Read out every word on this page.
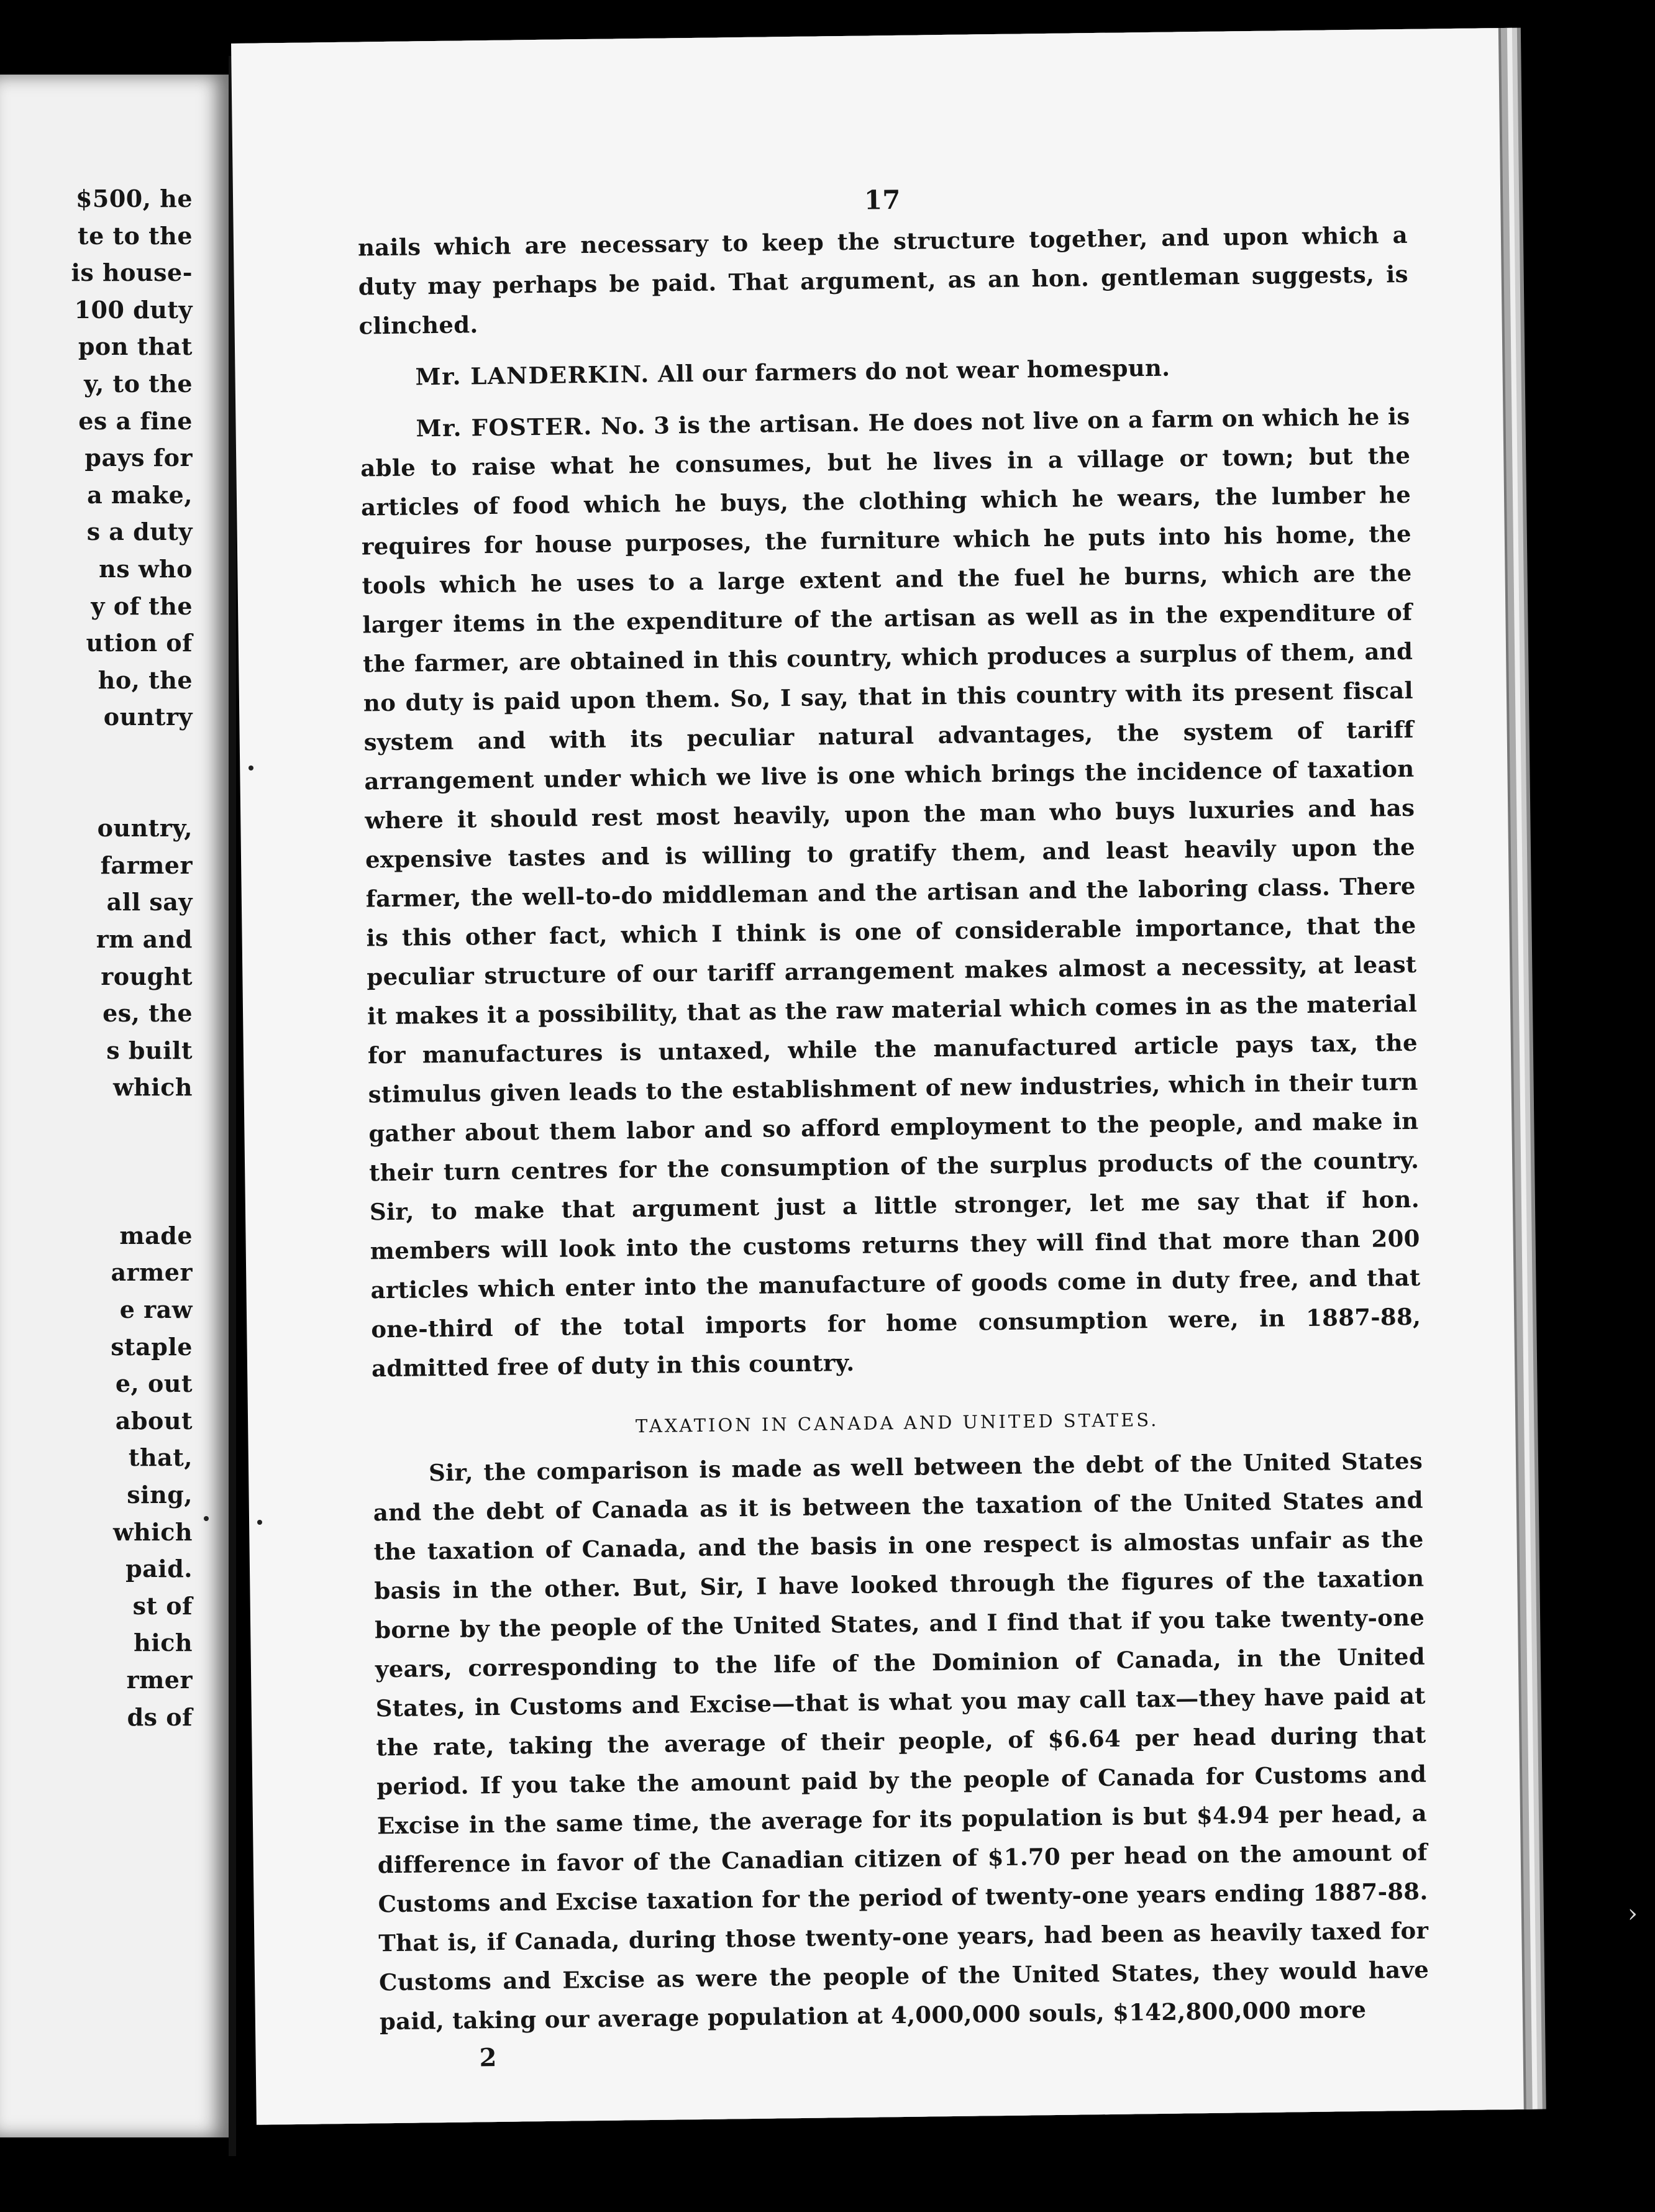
$500, he
te to the
is house-
100 duty
pon that
y, to the
es a fine
pays for
a make,
s a duty
ns who
y of the
ution of
ho, the
ountry
ountry,
farmer
all say
rm and
rought
es, the
s built
which
made
armer
e raw
staple
e, out
about
that,
sing,
which
paid.
st of
hich
rmer
ds of
17

nails which are necessary to keep the structure together, and upon which a duty may perhaps be paid. That argument, as an hon. gentleman suggests, is clinched.

Mr. LANDERKIN. All our farmers do not wear homespun.

Mr. FOSTER. No. 3 is the artisan. He does not live on a farm on which he is able to raise what he consumes, but he lives in a village or town; but the articles of food which he buys, the clothing which he wears, the lumber he requires for house purposes, the furniture which he puts into his home, the tools which he uses to a large extent and the fuel he burns, which are the larger items in the expenditure of the artisan as well as in the expenditure of the farmer, are obtained in this country, which produces a surplus of them, and no duty is paid upon them. So, I say, that in this country with its present fiscal system and with its peculiar natural advantages, the system of tariff arrangement under which we live is one which brings the incidence of taxation where it should rest most heavily, upon the man who buys luxuries and has expensive tastes and is willing to gratify them, and least heavily upon the farmer, the well-to-do middleman and the artisan and the laboring class. There is this other fact, which I think is one of considerable importance, that the peculiar structure of our tariff arrangement makes almost a necessity, at least it makes it a possibility, that as the raw material which comes in as the material for manufactures is untaxed, while the manufactured article pays tax, the stimulus given leads to the establishment of new industries, which in their turn gather about them labor and so afford employment to the people, and make in their turn centres for the consumption of the surplus products of the country. Sir, to make that argument just a little stronger, let me say that if hon. members will look into the customs returns they will find that more than 200 articles which enter into the manufacture of goods come in duty free, and that one-third of the total imports for home consumption were, in 1887-88, admitted free of duty in this country.

TAXATION IN CANADA AND UNITED STATES.

Sir, the comparison is made as well between the debt of the United States and the debt of Canada as it is between the taxation of the United States and the taxation of Canada, and the basis in one respect is almostas unfair as the basis in the other. But, Sir, I have looked through the figures of the taxation borne by the people of the United States, and I find that if you take twenty-one years, corresponding to the life of the Dominion of Canada, in the United States, in Customs and Excise—that is what you may call tax—they have paid at the rate, taking the average of their people, of $6.64 per head during that period. If you take the amount paid by the people of Canada for Customs and Excise in the same time, the average for its population is but $4.94 per head, a difference in favor of the Canadian citizen of $1.70 per head on the amount of Customs and Excise taxation for the period of twenty-one years ending 1887-88. That is, if Canada, during those twenty-one years, had been as heavily taxed for Customs and Excise as were the people of the United States, they would have paid, taking our average population at 4,000,000 souls, $142,800,000 more

2
›
